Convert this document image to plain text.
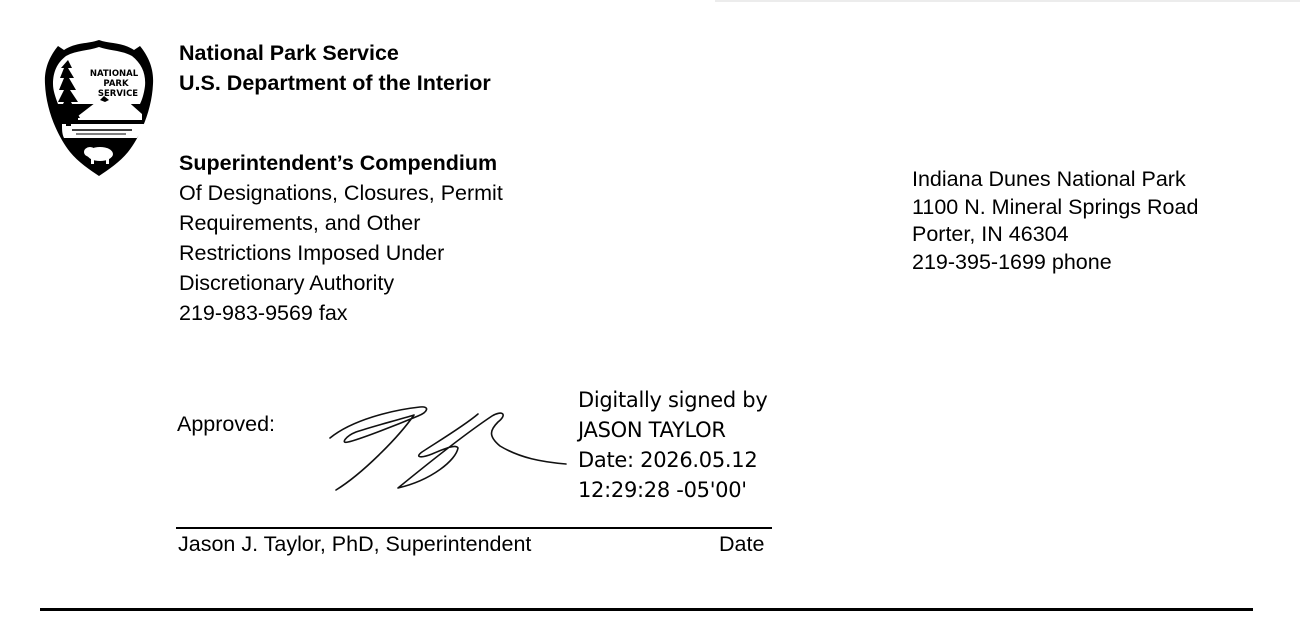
NATIONAL
PARK
SERVICE
National Park Service
U.S. Department of the Interior
Superintendent’s Compendium
Of Designations, Closures, Permit
Requirements, and Other
Restrictions Imposed Under
Discretionary Authority
219-983-9569 fax
Indiana Dunes National Park
1100 N. Mineral Springs Road
Porter, IN 46304
219-395-1699 phone
Approved:
Digitally signed by
JASON TAYLOR
Date: 2026.05.12
12:29:28 -05'00'
Jason J. Taylor, PhD, Superintendent	Date
